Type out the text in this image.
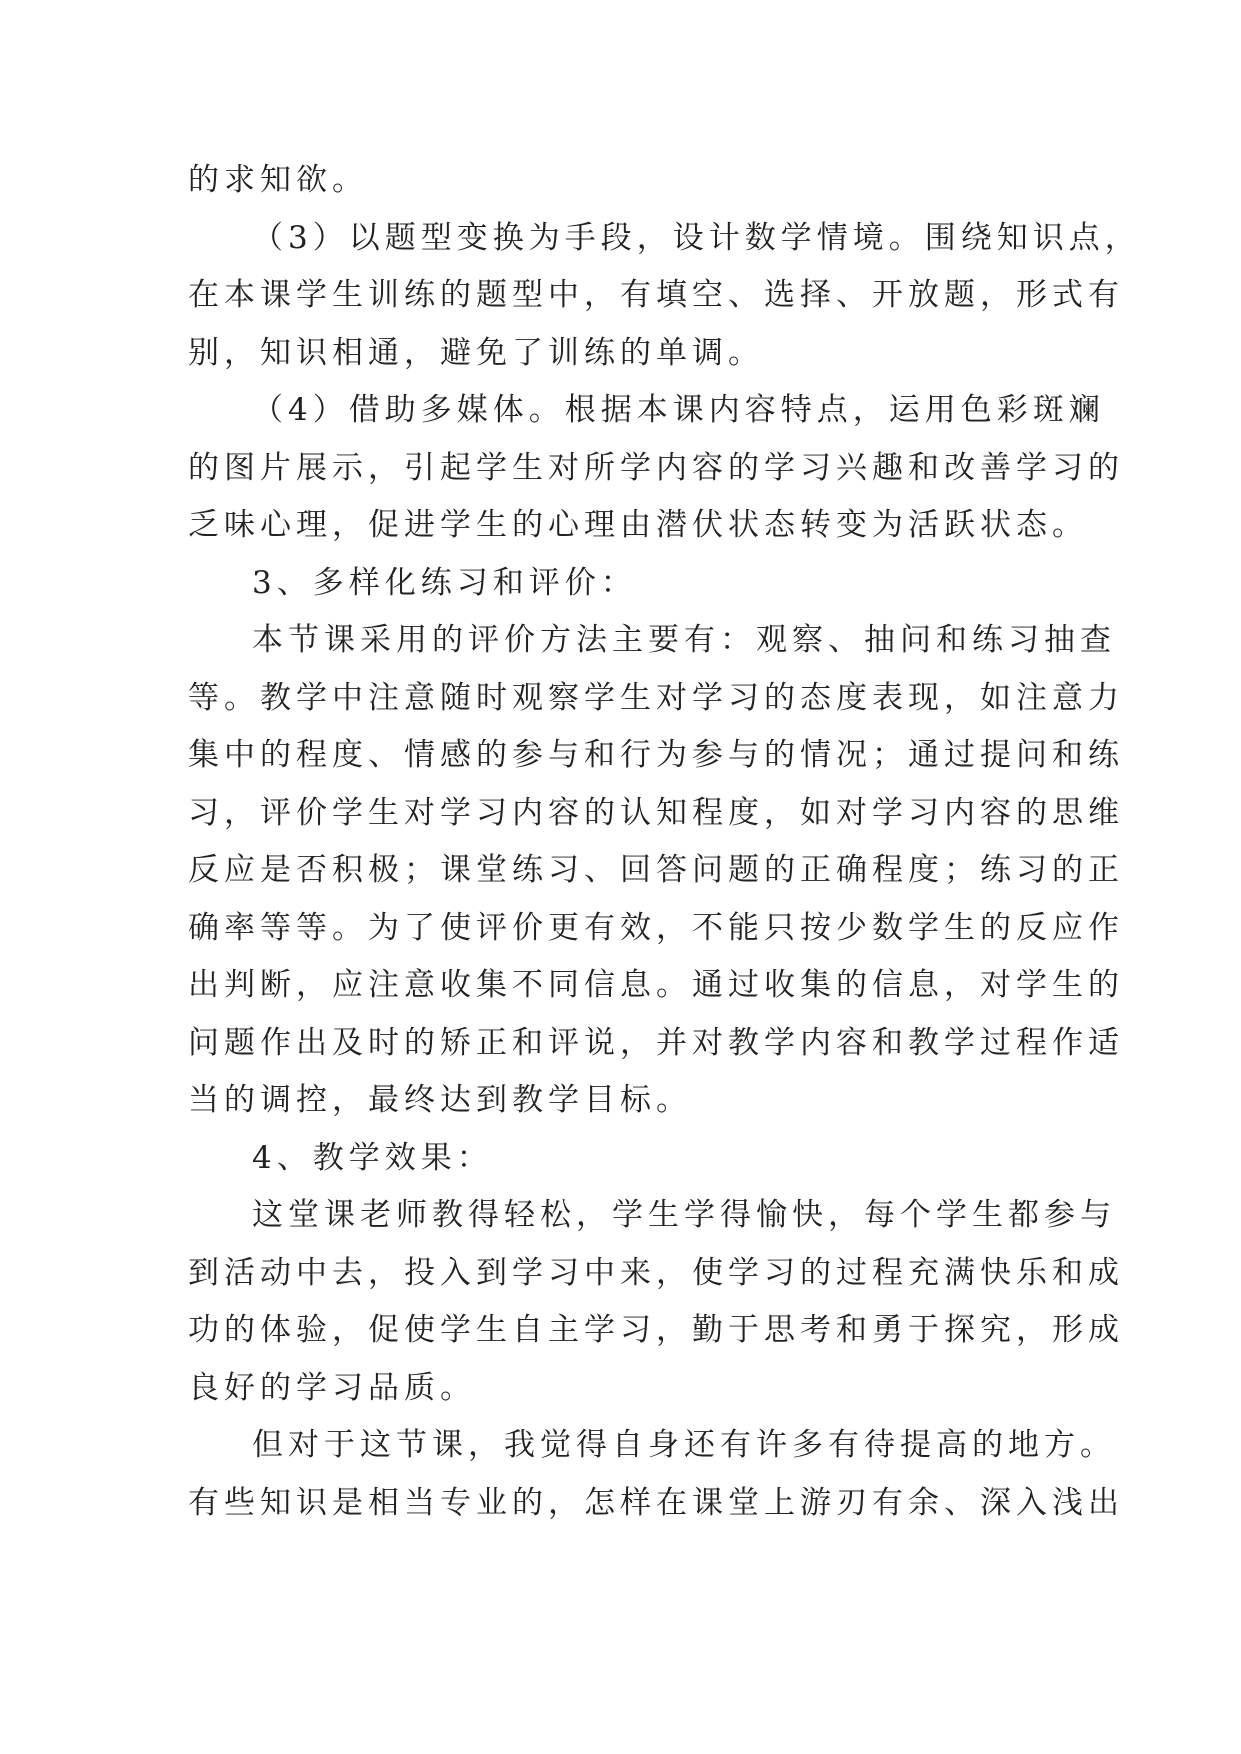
的求知欲。
（3）以题型变换为手段，设计数学情境。围绕知识点，
在本课学生训练的题型中，有填空、选择、开放题，形式有
别，知识相通，避免了训练的单调。
（4）借助多媒体。根据本课内容特点，运用色彩斑斓
的图片展示，引起学生对所学内容的学习兴趣和改善学习的
乏味心理，促进学生的心理由潜伏状态转变为活跃状态。
3、多样化练习和评价：
本节课采用的评价方法主要有：观察、抽问和练习抽查
等。教学中注意随时观察学生对学习的态度表现，如注意力
集中的程度、情感的参与和行为参与的情况；通过提问和练
习，评价学生对学习内容的认知程度，如对学习内容的思维
反应是否积极；课堂练习、回答问题的正确程度；练习的正
确率等等。为了使评价更有效，不能只按少数学生的反应作
出判断，应注意收集不同信息。通过收集的信息，对学生的
问题作出及时的矫正和评说，并对教学内容和教学过程作适
当的调控，最终达到教学目标。
4、教学效果：
这堂课老师教得轻松，学生学得愉快，每个学生都参与
到活动中去，投入到学习中来，使学习的过程充满快乐和成
功的体验，促使学生自主学习，勤于思考和勇于探究，形成
良好的学习品质。
但对于这节课，我觉得自身还有许多有待提高的地方。
有些知识是相当专业的，怎样在课堂上游刃有余、深入浅出
